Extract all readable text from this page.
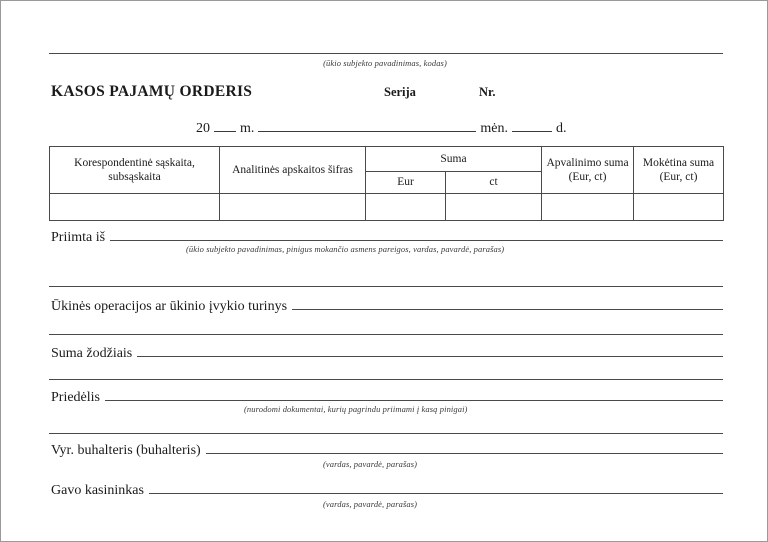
(ūkio subjekto pavadinimas, kodas)
KASOS PAJAMŲ ORDERIS	Serija	Nr.
20 m.	mėn.	d.
Korespondentinė sąskaita, subsąskaita	Analitinės apskaitos šifras	Suma		Apvalinimo suma (Eur, ct)	Mokėtina suma (Eur, ct)
		Eur	ct		

Priimta iš
(ūkio subjekto pavadinimas, pinigus mokančio asmens pareigos, vardas, pavardė, parašas)
Ūkinės operacijos ar ūkinio įvykio turinys
Suma žodžiais
Priedėlis
(nurodomi dokumentai, kurių pagrindu priimami į kasą pinigai)
Vyr. buhalteris (buhalteris)
(vardas, pavardė, parašas)
Gavo kasininkas
(vardas, pavardė, parašas)
